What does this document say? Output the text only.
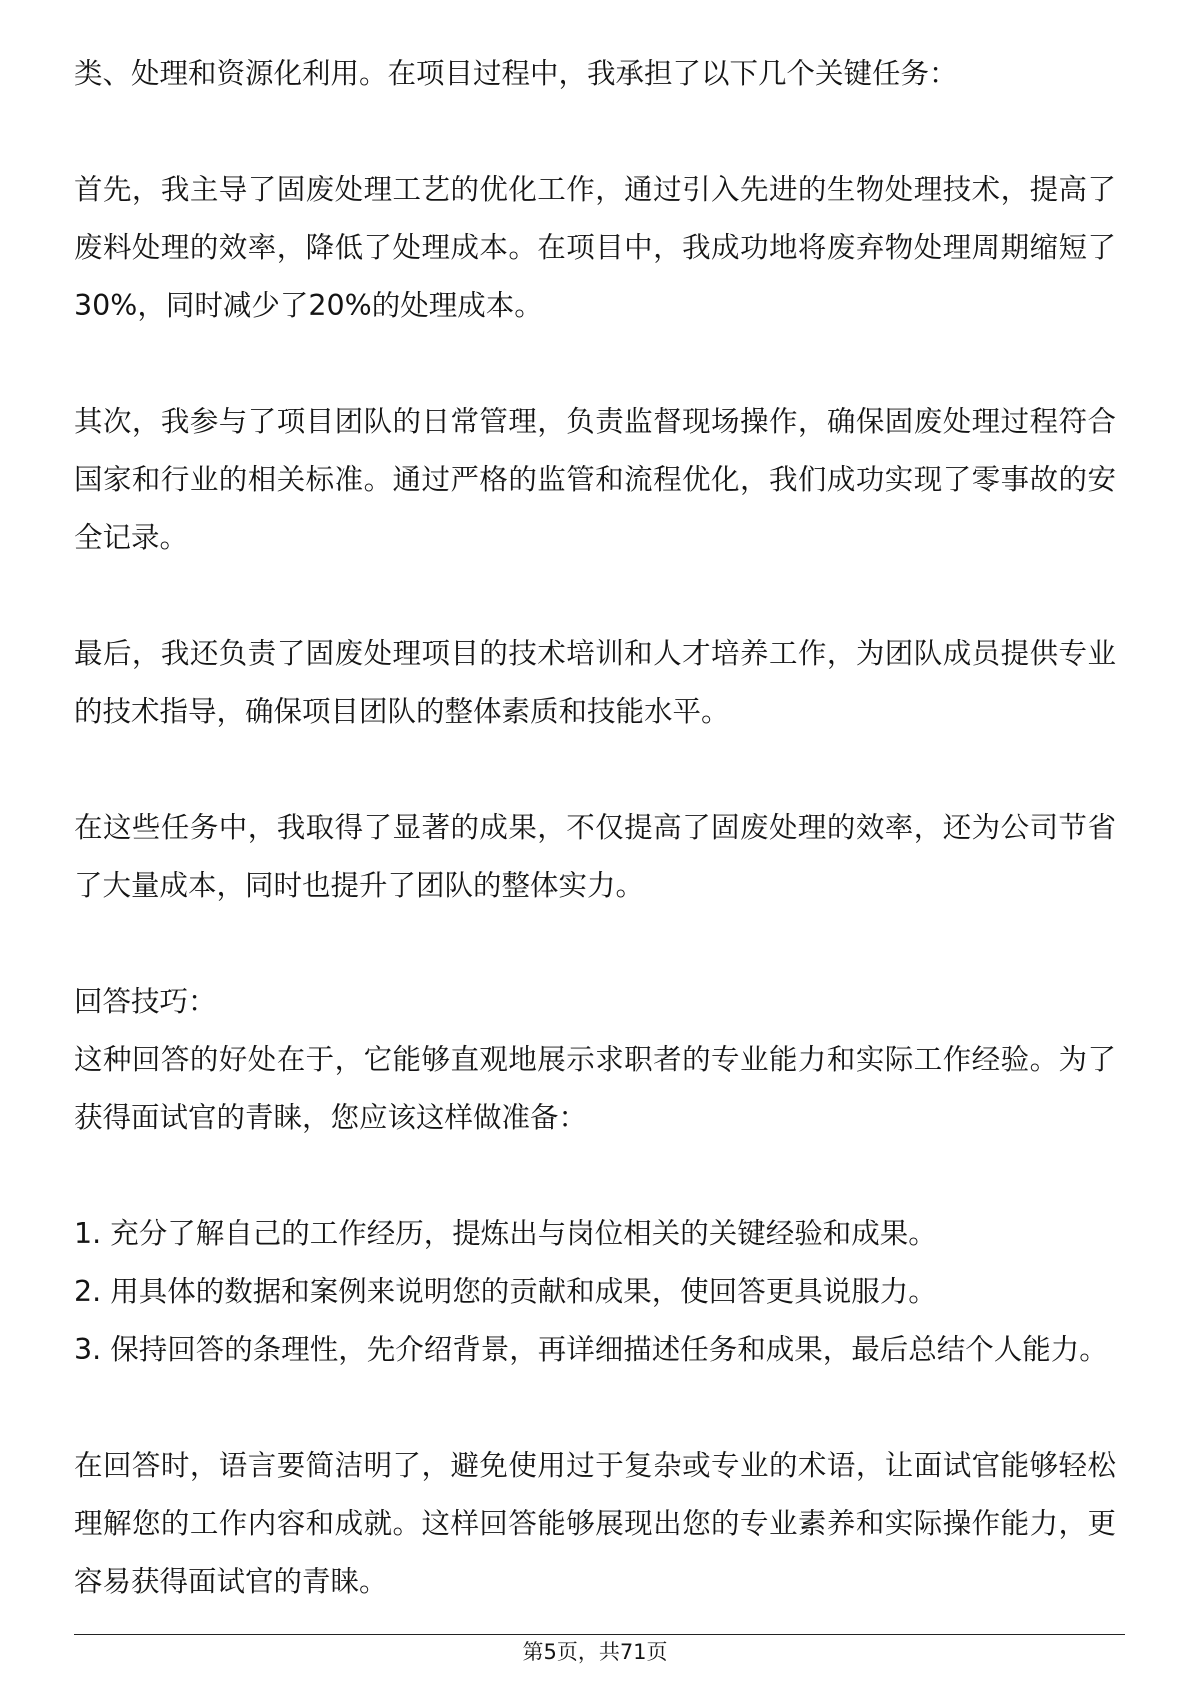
类、处理和资源化利用。在项目过程中，我承担了以下几个关键任务：
首先，我主导了固废处理工艺的优化工作，通过引入先进的生物处理技术，提高了
废料处理的效率，降低了处理成本。在项目中，我成功地将废弃物处理周期缩短了
30%，同时减少了20%的处理成本。
其次，我参与了项目团队的日常管理，负责监督现场操作，确保固废处理过程符合
国家和行业的相关标准。通过严格的监管和流程优化，我们成功实现了零事故的安
全记录。
最后，我还负责了固废处理项目的技术培训和人才培养工作，为团队成员提供专业
的技术指导，确保项目团队的整体素质和技能水平。
在这些任务中，我取得了显著的成果，不仅提高了固废处理的效率，还为公司节省
了大量成本，同时也提升了团队的整体实力。
回答技巧：
这种回答的好处在于，它能够直观地展示求职者的专业能力和实际工作经验。为了
获得面试官的青睐，您应该这样做准备：
1. 充分了解自己的工作经历，提炼出与岗位相关的关键经验和成果。
2. 用具体的数据和案例来说明您的贡献和成果，使回答更具说服力。
3. 保持回答的条理性，先介绍背景，再详细描述任务和成果，最后总结个人能力。
在回答时，语言要简洁明了，避免使用过于复杂或专业的术语，让面试官能够轻松
理解您的工作内容和成就。这样回答能够展现出您的专业素养和实际操作能力，更
容易获得面试官的青睐。
第5页，共71页
